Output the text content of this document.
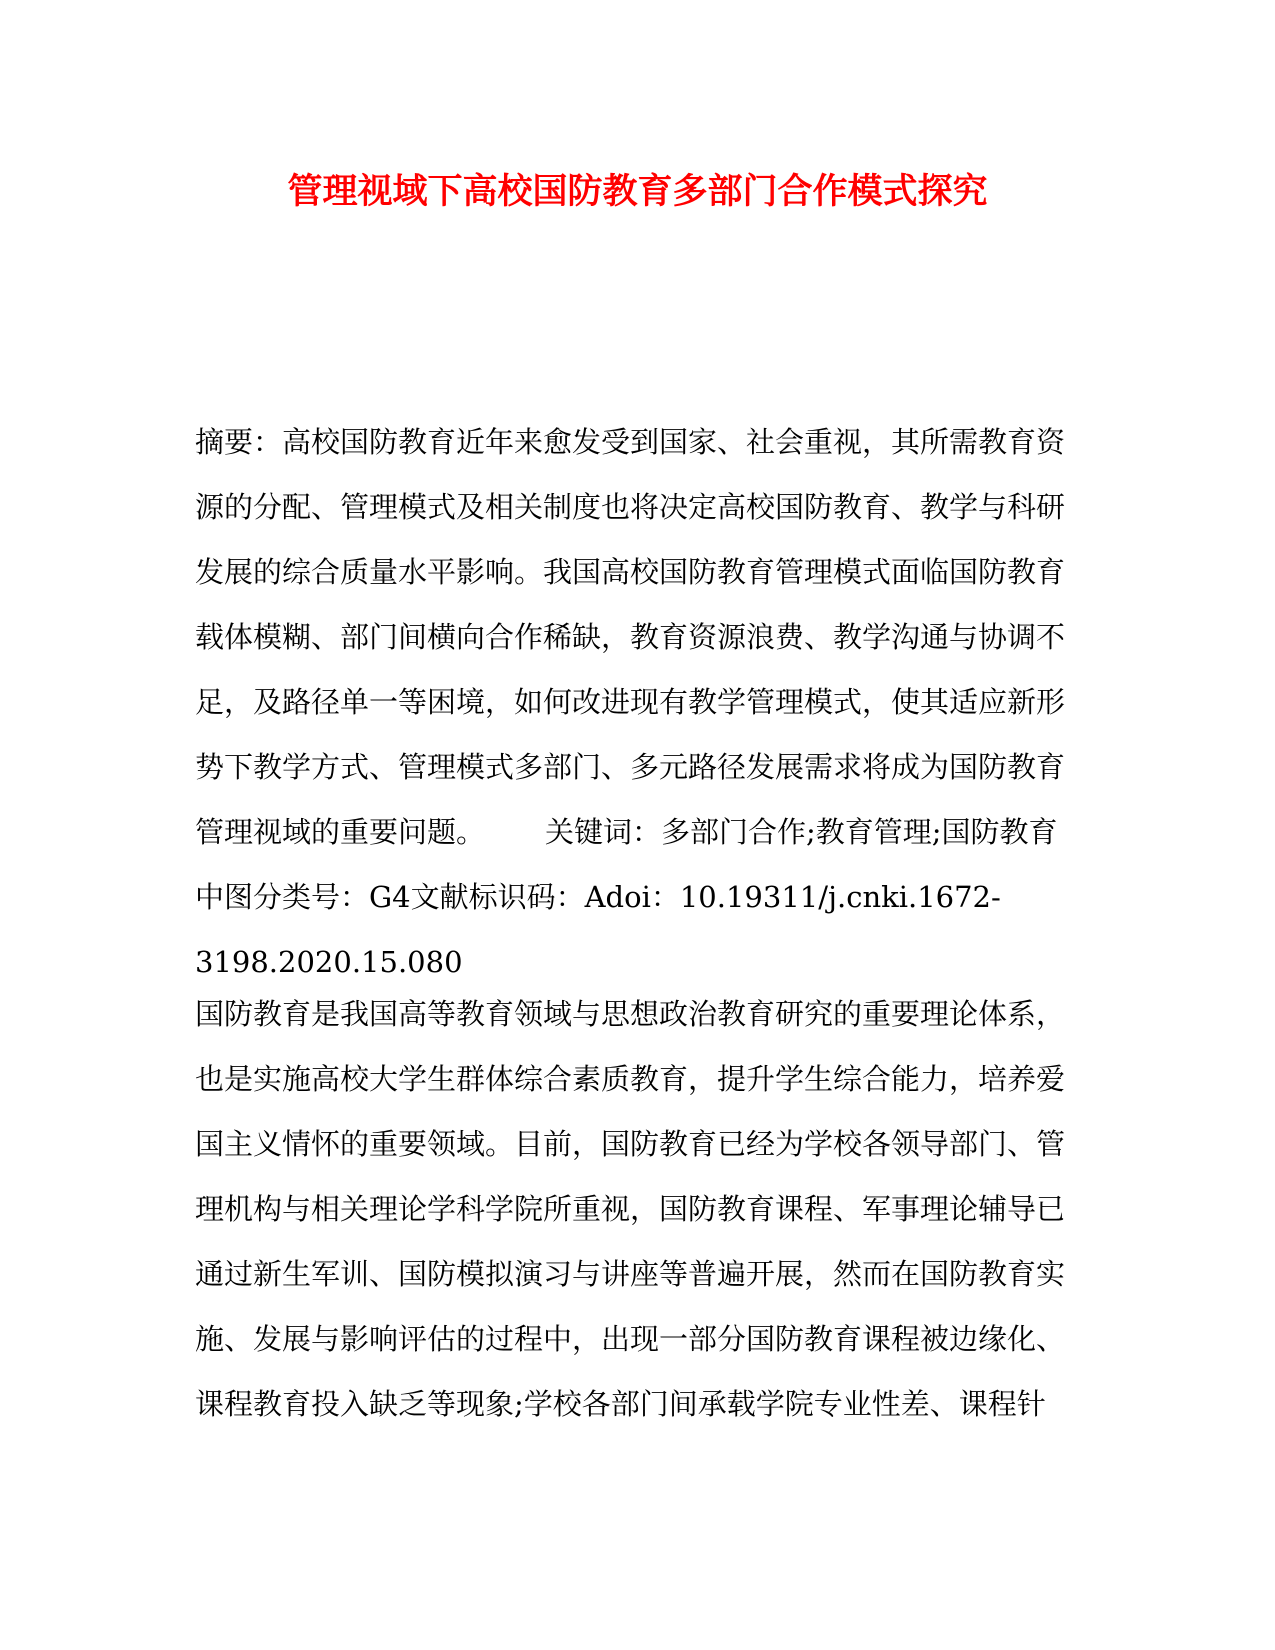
管理视域下高校国防教育多部门合作模式探究
摘要：高校国防教育近年来愈发受到国家、社会重视，其所需教育资
源的分配、管理模式及相关制度也将决定高校国防教育、教学与科研
发展的综合质量水平影响。我国高校国防教育管理模式面临国防教育
载体模糊、部门间横向合作稀缺，教育资源浪费、教学沟通与协调不
足，及路径单一等困境，如何改进现有教学管理模式，使其适应新形
势下教学方式、管理模式多部门、多元路径发展需求将成为国防教育
管理视域的重要问题。 关键词：多部门合作;教育管理;国防教育
中图分类号：G4文献标识码：Adoi：10.19311/j.cnki.1672-
3198.2020.15.080
国防教育是我国高等教育领域与思想政治教育研究的重要理论体系，
也是实施高校大学生群体综合素质教育，提升学生综合能力，培养爱
国主义情怀的重要领域。目前，国防教育已经为学校各领导部门、管
理机构与相关理论学科学院所重视，国防教育课程、军事理论辅导已
通过新生军训、国防模拟演习与讲座等普遍开展，然而在国防教育实
施、发展与影响评估的过程中，出现一部分国防教育课程被边缘化、
课程教育投入缺乏等现象;学校各部门间承载学院专业性差、课程针
